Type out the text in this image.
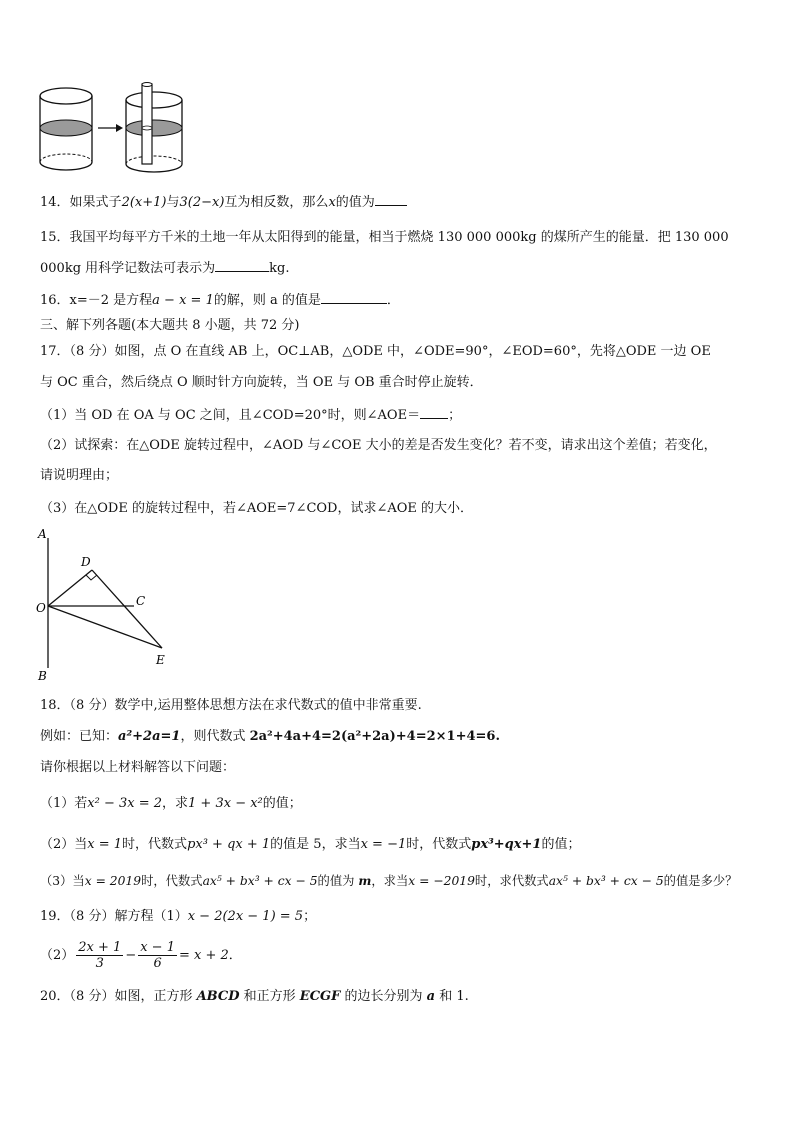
14．如果式子2(x+1)与3(2−x)互为相反数，那么x的值为
15．我国平均每平方千米的土地一年从太阳得到的能量，相当于燃烧 130 000 000kg 的煤所产生的能量．把 130 000
000kg 用科学记数法可表示为	kg.
16．x=－2 是方程a − x = 1的解，则 a 的值是	．
三、解下列各题(本大题共 8 小题，共 72 分)
17．（8 分）如图，点 O 在直线 AB 上，OC⊥AB，△ODE 中，∠ODE=90°，∠EOD=60°，先将△ODE 一边 OE
与 OC 重合，然后绕点 O 顺时针方向旋转，当 OE 与 OB 重合时停止旋转．
（1）当 OD 在 OA 与 OC 之间，且∠COD=20°时，则∠AOE＝ ；
（2）试探索：在△ODE 旋转过程中，∠AOD 与∠COE 大小的差是否发生变化？若不变，请求出这个差值；若变化，
请说明理由；
（3）在△ODE 的旋转过程中，若∠AOE=7∠COD，试求∠AOE 的大小．
A
B
O
D
C
E
18．（8 分）数学中,运用整体思想方法在求代数式的值中非常重要.
例如：已知：a²+2a=1，则代数式 2a²+4a+4=2(a²+2a)+4=2×1+4=6.
请你根据以上材料解答以下问题：
（1）若x² − 3x = 2，求1 + 3x − x²的值；
（2）当x = 1时，代数式px³ + qx + 1的值是 5，求当x = −1时，代数式px³+qx+1的值；
（3）当x = 2019时，代数式ax⁵ + bx³ + cx − 5的值为 m，求当x = −2019时，求代数式ax⁵ + bx³ + cx − 5的值是多少？
19．（8 分）解方程（1）x − 2(2x − 1) = 5；
$(2) \frac{2x + 1}{3} - \frac{x - 1}{6} = x + 2$．
20．（8 分）如图，正方形 ABCD 和正方形 ECGF 的边长分别为 a 和 1.
